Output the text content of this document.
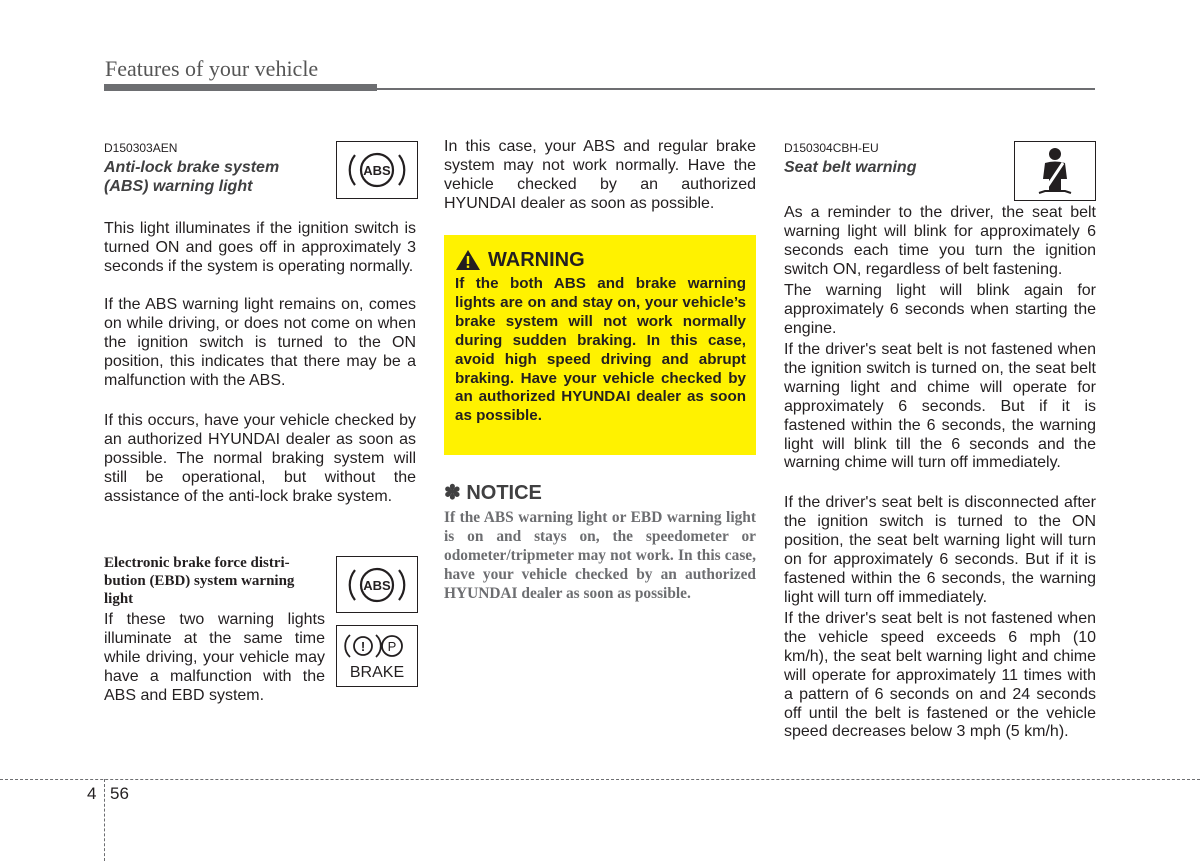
Features of your vehicle
D150303AEN
Anti-lock brake system
(ABS) warning light
ABS

This light illuminates if the ignition switch is turned ON and goes off in approximately 3 seconds if the system is operating normally.

If the ABS warning light remains on, comes on while driving, or does not come on when the ignition switch is turned to the ON position, this indicates that there may be a malfunction with the ABS.

If this occurs, have your vehicle checked by an authorized HYUNDAI dealer as soon as possible. The normal braking system will still be operational, but without the assistance of the anti-lock brake system.

Electronic brake force distri-
bution (EBD) system warning
light
ABS
! P
BRAKE

If these two warning lights illuminate at the same time while driving, your vehicle may have a malfunction with the ABS and EBD system.

In this case, your ABS and regular brake system may not work normally. Have the vehicle checked by an authorized HYUNDAI dealer as soon as possible.

WARNING

If the both ABS and brake warning lights are on and stay on, your vehicle’s brake system will not work normally during sudden braking. In this case, avoid high speed driving and abrupt braking. Have your vehicle checked by an authorized HYUNDAI dealer as soon as possible.

✽ NOTICE

If the ABS warning light or EBD warning light is on and stays on, the speedometer or odometer/tripmeter may not work. In this case, have your vehicle checked by an authorized HYUNDAI dealer as soon as possible.

D150304CBH-EU
Seat belt warning

As a reminder to the driver, the seat belt warning light will blink for approximately 6 seconds each time you turn the ignition switch ON, regardless of belt fastening.

The warning light will blink again for approximately 6 seconds when starting the engine.

If the driver's seat belt is not fastened when the ignition switch is turned on, the seat belt warning light and chime will operate for approximately 6 seconds. But if it is fastened within the 6 seconds, the warning light will blink till the 6 seconds and the warning chime will turn off immediately.

If the driver's seat belt is disconnected after the ignition switch is turned to the ON position, the seat belt warning light will turn on for approximately 6 seconds. But if it is fastened within the 6 seconds, the warning light will turn off immediately.

If the driver's seat belt is not fastened when the vehicle speed exceeds 6 mph (10 km/h), the seat belt warning light and chime will operate for approximately 11 times with a pattern of 6 seconds on and 24 seconds off until the belt is fastened or the vehicle speed decreases below 3 mph (5 km/h).

4 56
